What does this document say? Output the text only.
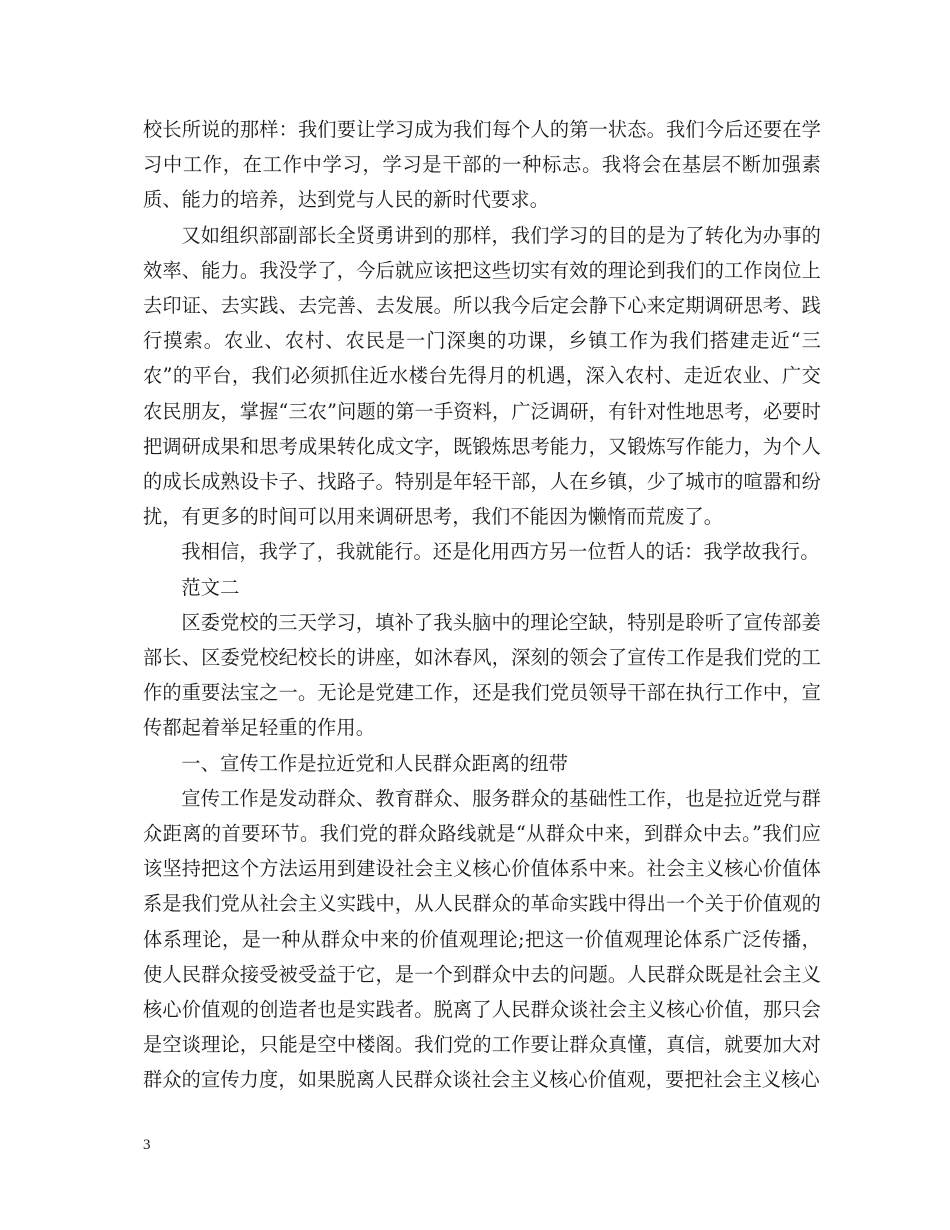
校长所说的那样：我们要让学习成为我们每个人的第一状态。我们今后还要在学习中工作，在工作中学习，学习是干部的一种标志。我将会在基层不断加强素质、能力的培养，达到党与人民的新时代要求。

又如组织部副部长全贤勇讲到的那样，我们学习的目的是为了转化为办事的效率、能力。我没学了，今后就应该把这些切实有效的理论到我们的工作岗位上去印证、去实践、去完善、去发展。所以我今后定会静下心来定期调研思考、践行摸索。农业、农村、农民是一门深奥的功课，乡镇工作为我们搭建走近“三农”的平台，我们必须抓住近水楼台先得月的机遇，深入农村、走近农业、广交农民朋友，掌握“三农”问题的第一手资料，广泛调研，有针对性地思考，必要时把调研成果和思考成果转化成文字，既锻炼思考能力，又锻炼写作能力，为个人的成长成熟设卡子、找路子。特别是年轻干部，人在乡镇，少了城市的喧嚣和纷扰，有更多的时间可以用来调研思考，我们不能因为懒惰而荒废了。

我相信，我学了，我就能行。还是化用西方另一位哲人的话：我学故我行。

范文二

区委党校的三天学习，填补了我头脑中的理论空缺，特别是聆听了宣传部姜部长、区委党校纪校长的讲座，如沐春风，深刻的领会了宣传工作是我们党的工作的重要法宝之一。无论是党建工作，还是我们党员领导干部在执行工作中，宣传都起着举足轻重的作用。

一、宣传工作是拉近党和人民群众距离的纽带

宣传工作是发动群众、教育群众、服务群众的基础性工作，也是拉近党与群众距离的首要环节。我们党的群众路线就是“从群众中来，到群众中去。”我们应该坚持把这个方法运用到建设社会主义核心价值体系中来。社会主义核心价值体系是我们党从社会主义实践中，从人民群众的革命实践中得出一个关于价值观的体系理论，是一种从群众中来的价值观理论;把这一价值观理论体系广泛传播，使人民群众接受被受益于它，是一个到群众中去的问题。人民群众既是社会主义核心价值观的创造者也是实践者。脱离了人民群众谈社会主义核心价值，那只会是空谈理论，只能是空中楼阁。我们党的工作要让群众真懂，真信，就要加大对群众的宣传力度，如果脱离人民群众谈社会主义核心价值观，要把社会主义核心

3
